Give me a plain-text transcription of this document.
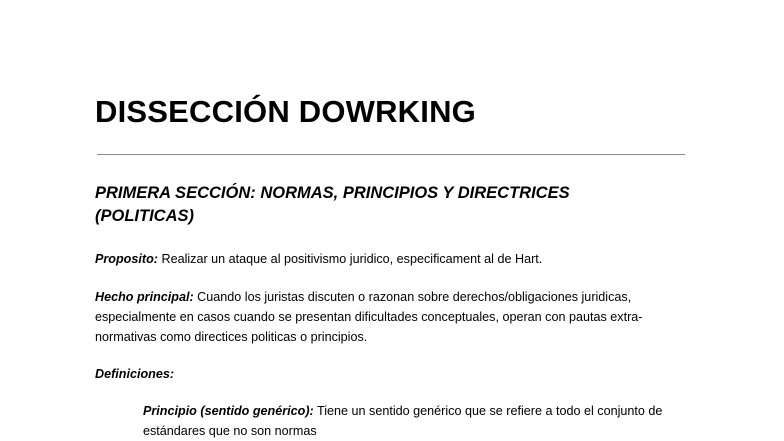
DISSECCIÓN DOWRKING
PRIMERA SECCIÓN: NORMAS, PRINCIPIOS Y DIRECTRICES (POLITICAS)
Proposito: Realizar un ataque al positivismo juridico, especificament al de Hart.
Hecho principal: Cuando los juristas discuten o razonan sobre derechos/obligaciones juridicas, especialmente en casos cuando se presentan dificultades conceptuales, operan con pautas extra-normativas como directices politicas o principios.
Definiciones:
Principio (sentido genérico): Tiene un sentido genérico que se refiere a todo el conjunto de estándares que no son normas
